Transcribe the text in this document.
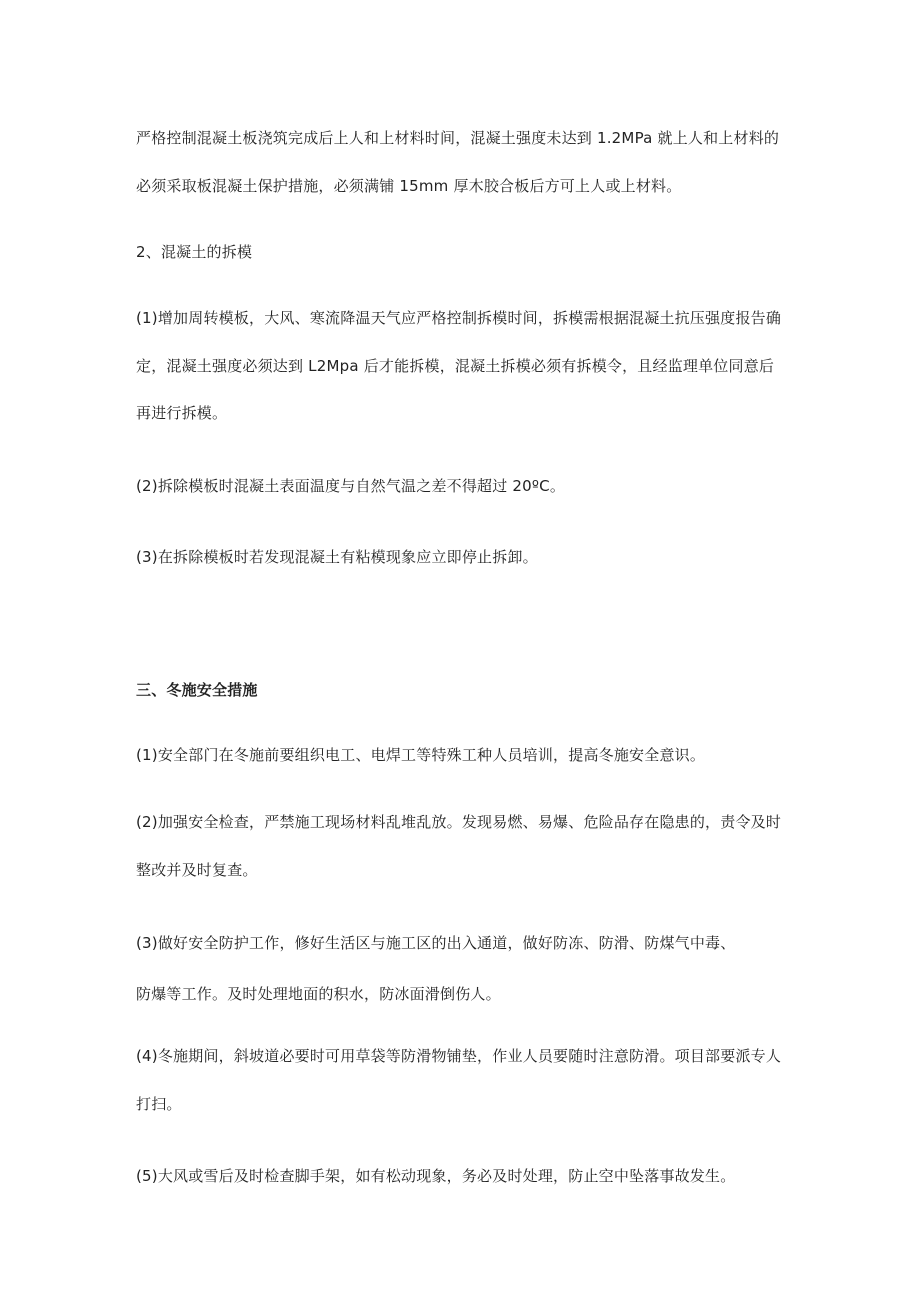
严格控制混凝土板浇筑完成后上人和上材料时间，混凝土强度未达到 1.2MPa 就上人和上材料的
必须采取板混凝土保护措施，必须满铺 15mm 厚木胶合板后方可上人或上材料。
2、混凝土的拆模
(1)增加周转模板，大风、寒流降温天气应严格控制拆模时间，拆模需根据混凝土抗压强度报告确
定，混凝土强度必须达到 L2Mpa 后才能拆模，混凝土拆模必须有拆模令，且经监理单位同意后
再进行拆模。
(2)拆除模板时混凝土表面温度与自然气温之差不得超过 20ºC。
(3)在拆除模板时若发现混凝土有粘模现象应立即停止拆卸。
三、冬施安全措施
(1)安全部门在冬施前要组织电工、电焊工等特殊工种人员培训，提高冬施安全意识。
(2)加强安全检查，严禁施工现场材料乱堆乱放。发现易燃、易爆、危险品存在隐患的，责令及时
整改并及时复查。
(3)做好安全防护工作，修好生活区与施工区的出入通道，做好防冻、防滑、防煤气中毒、
防爆等工作。及时处理地面的积水，防冰面滑倒伤人。
(4)冬施期间，斜坡道必要时可用草袋等防滑物铺垫，作业人员要随时注意防滑。项目部要派专人
打扫。
(5)大风或雪后及时检查脚手架，如有松动现象，务必及时处理，防止空中坠落事故发生。
